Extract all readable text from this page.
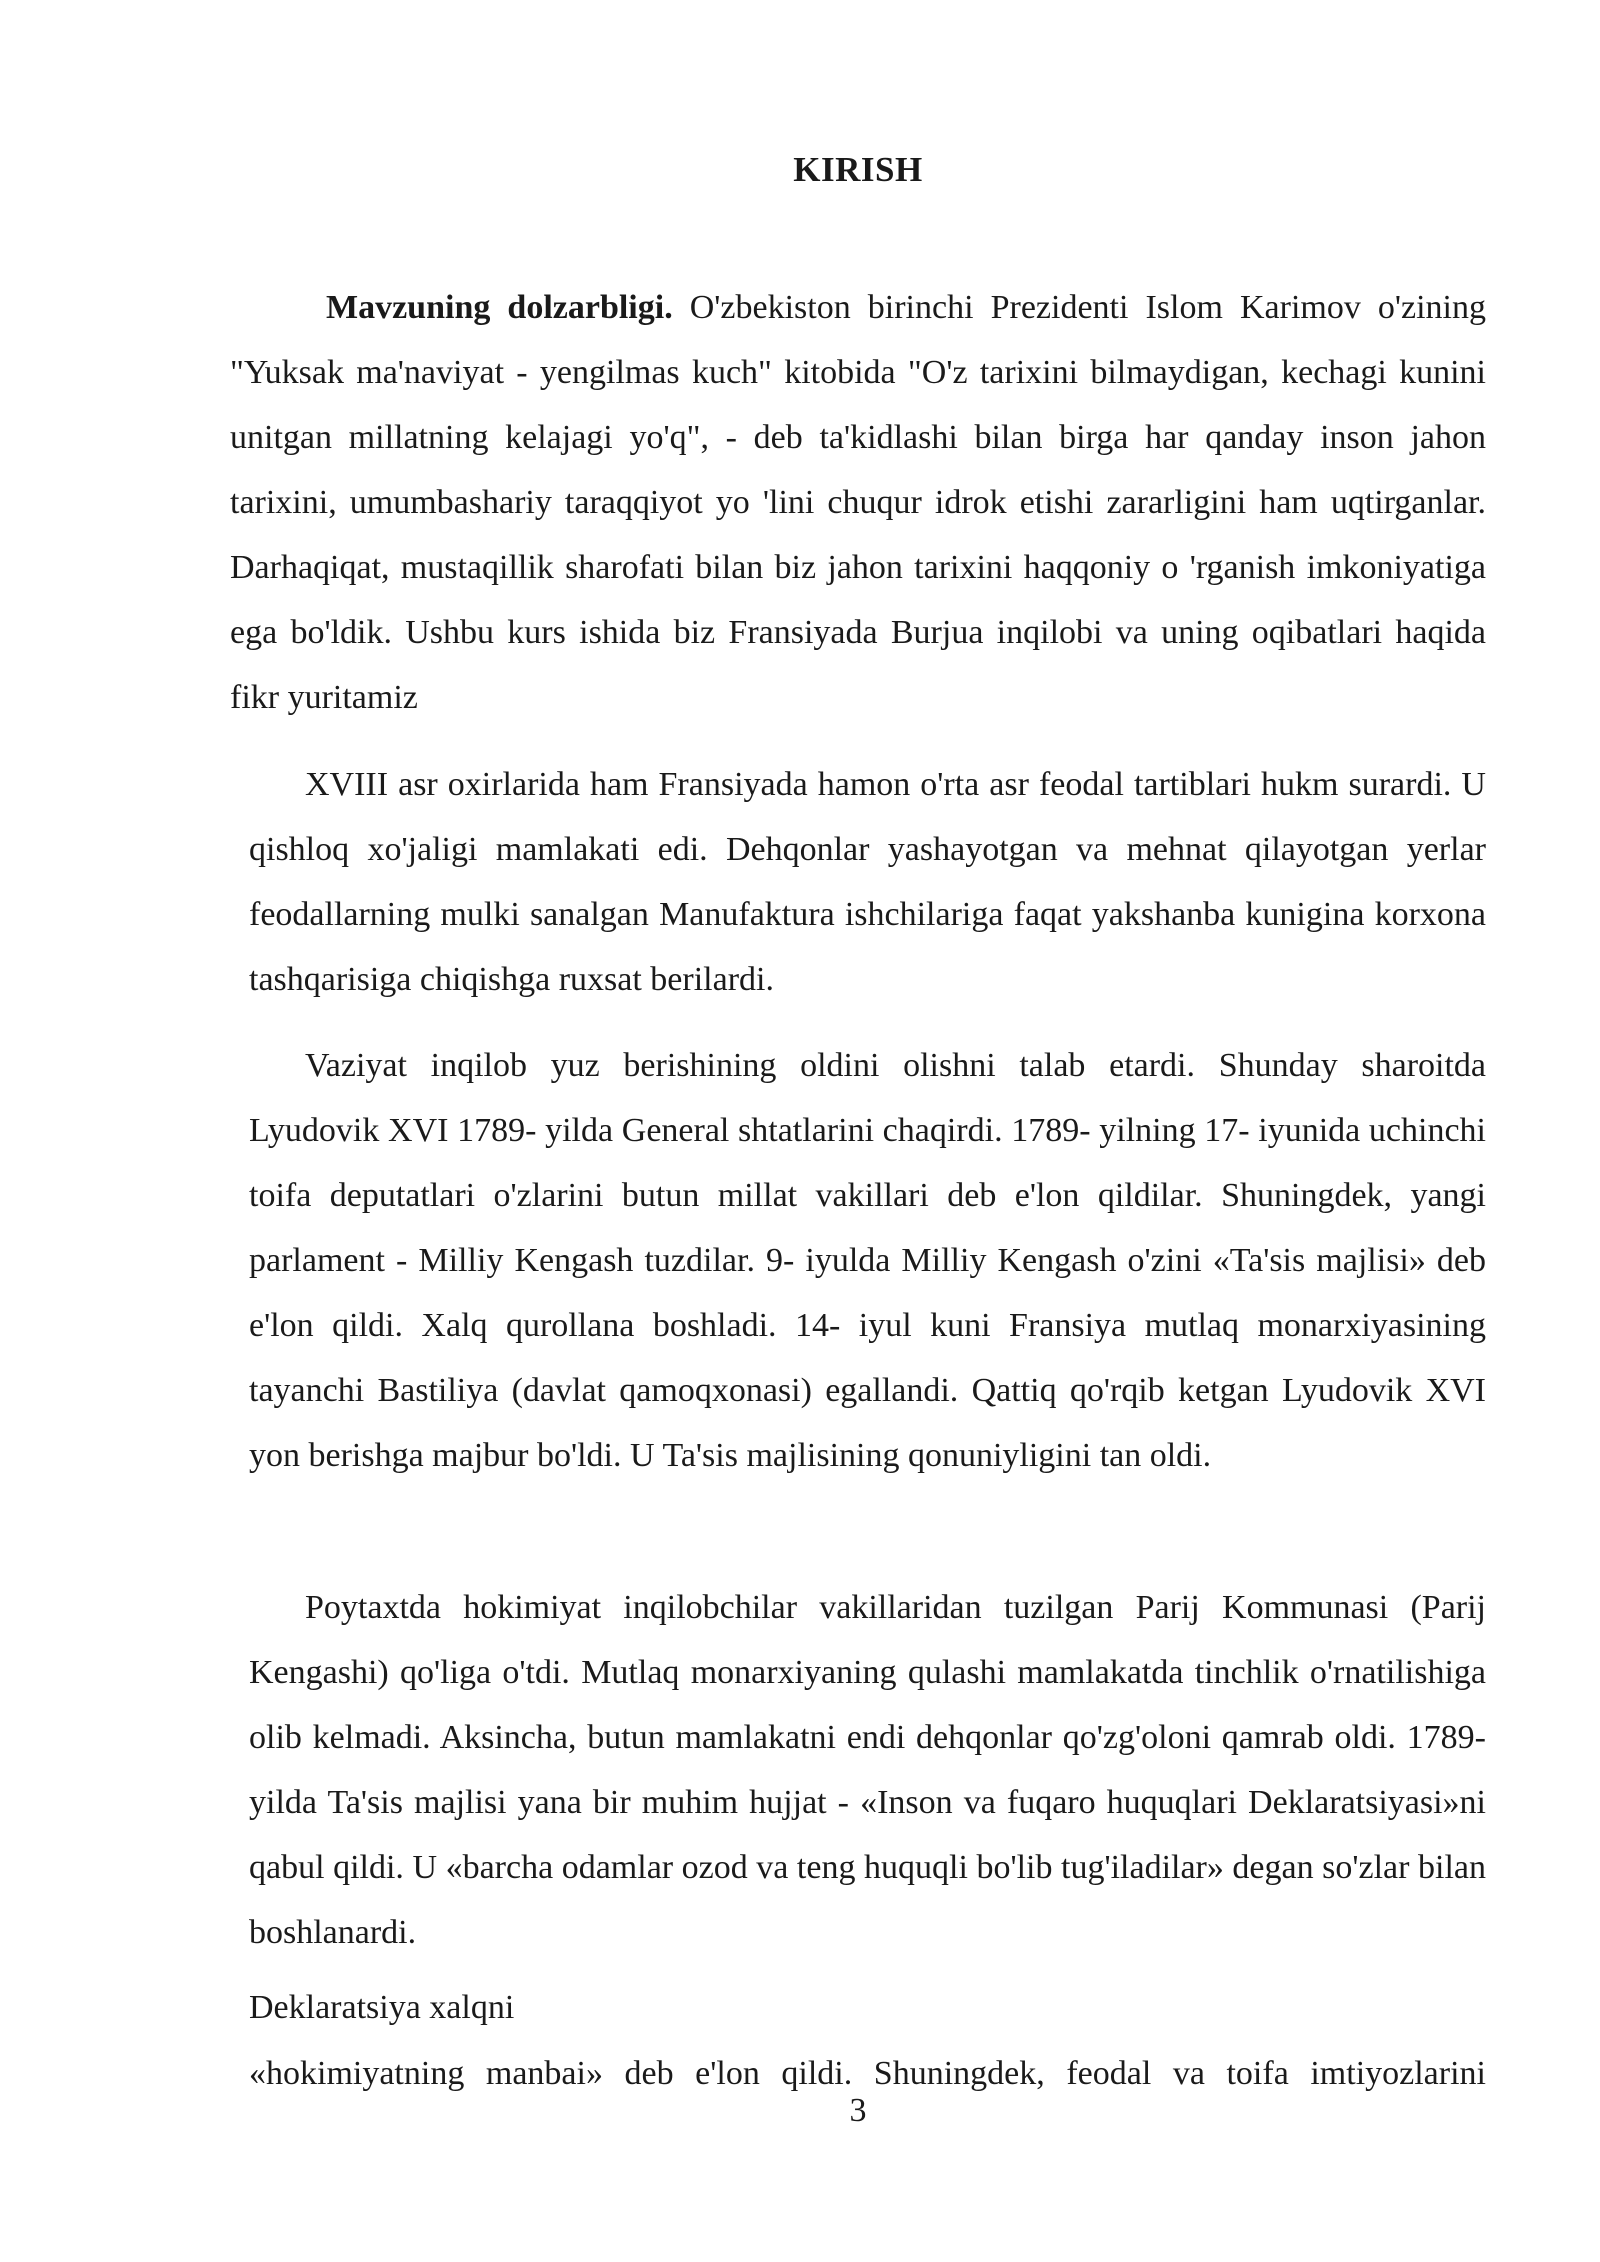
KIRISH

Mavzuning dolzarbligi. O'zbekiston birinchi Prezidenti Islom Karimov o'zining "Yuksak ma'naviyat - yengilmas kuch" kitobida "O'z tarixini bilmaydigan, kechagi kunini unitgan millatning kelajagi yo'q", - deb ta'kidlashi bilan birga har qanday inson jahon tarixini, umumbashariy taraqqiyot yo 'lini chuqur idrok etishi zararligini ham uqtirganlar. Darhaqiqat, mustaqillik sharofati bilan biz jahon tarixini haqqoniy o 'rganish imkoniyatiga ega bo'ldik. Ushbu kurs ishida biz Fransiyada Burjua inqilobi va uning oqibatlari haqida fikr yuritamiz

XVIII asr oxirlarida ham Fransiyada hamon o'rta asr feodal tartiblari hukm surardi. U qishloq xo'jaligi mamlakati edi. Dehqonlar yashayotgan va mehnat qilayotgan yerlar feodallarning mulki sanalgan Manufaktura ishchilariga faqat yakshanba kunigina korxona tashqarisiga chiqishga ruxsat berilardi.

Vaziyat inqilob yuz berishining oldini olishni talab etardi. Shunday sharoitda Lyudovik XVI 1789- yilda General shtatlarini chaqirdi. 1789- yilning 17- iyunida uchinchi toifa deputatlari o'zlarini butun millat vakillari deb e'lon qildilar. Shuningdek, yangi parlament - Milliy Kengash tuzdilar. 9- iyulda Milliy Kengash o'zini «Ta'sis majlisi» deb e'lon qildi. Xalq qurollana boshladi. 14- iyul kuni Fransiya mutlaq monarxiyasining tayanchi Bastiliya (davlat qamoqxonasi) egallandi. Qattiq qo'rqib ketgan Lyudovik XVI yon berishga majbur bo'ldi. U Ta'sis majlisining qonuniyligini tan oldi.

Poytaxtda hokimiyat inqilobchilar vakillaridan tuzilgan Parij Kommunasi (Parij Kengashi) qo'liga o'tdi. Mutlaq monarxiyaning qulashi mamlakatda tinchlik o'rnatilishiga olib kelmadi. Aksincha, butun mamlakatni endi dehqonlar qo'zg'oloni qamrab oldi. 1789- yilda Ta'sis majlisi yana bir muhim hujjat - «Inson va fuqaro huquqlari Deklaratsiyasi»ni qabul qildi. U «barcha odamlar ozod va teng huquqli bo'lib tug'iladilar» degan so'zlar bilan boshlanardi.

Deklaratsiya xalqni
«hokimiyatning manbai» deb e'lon qildi. Shuningdek, feodal va toifa imtiyozlarini
3
